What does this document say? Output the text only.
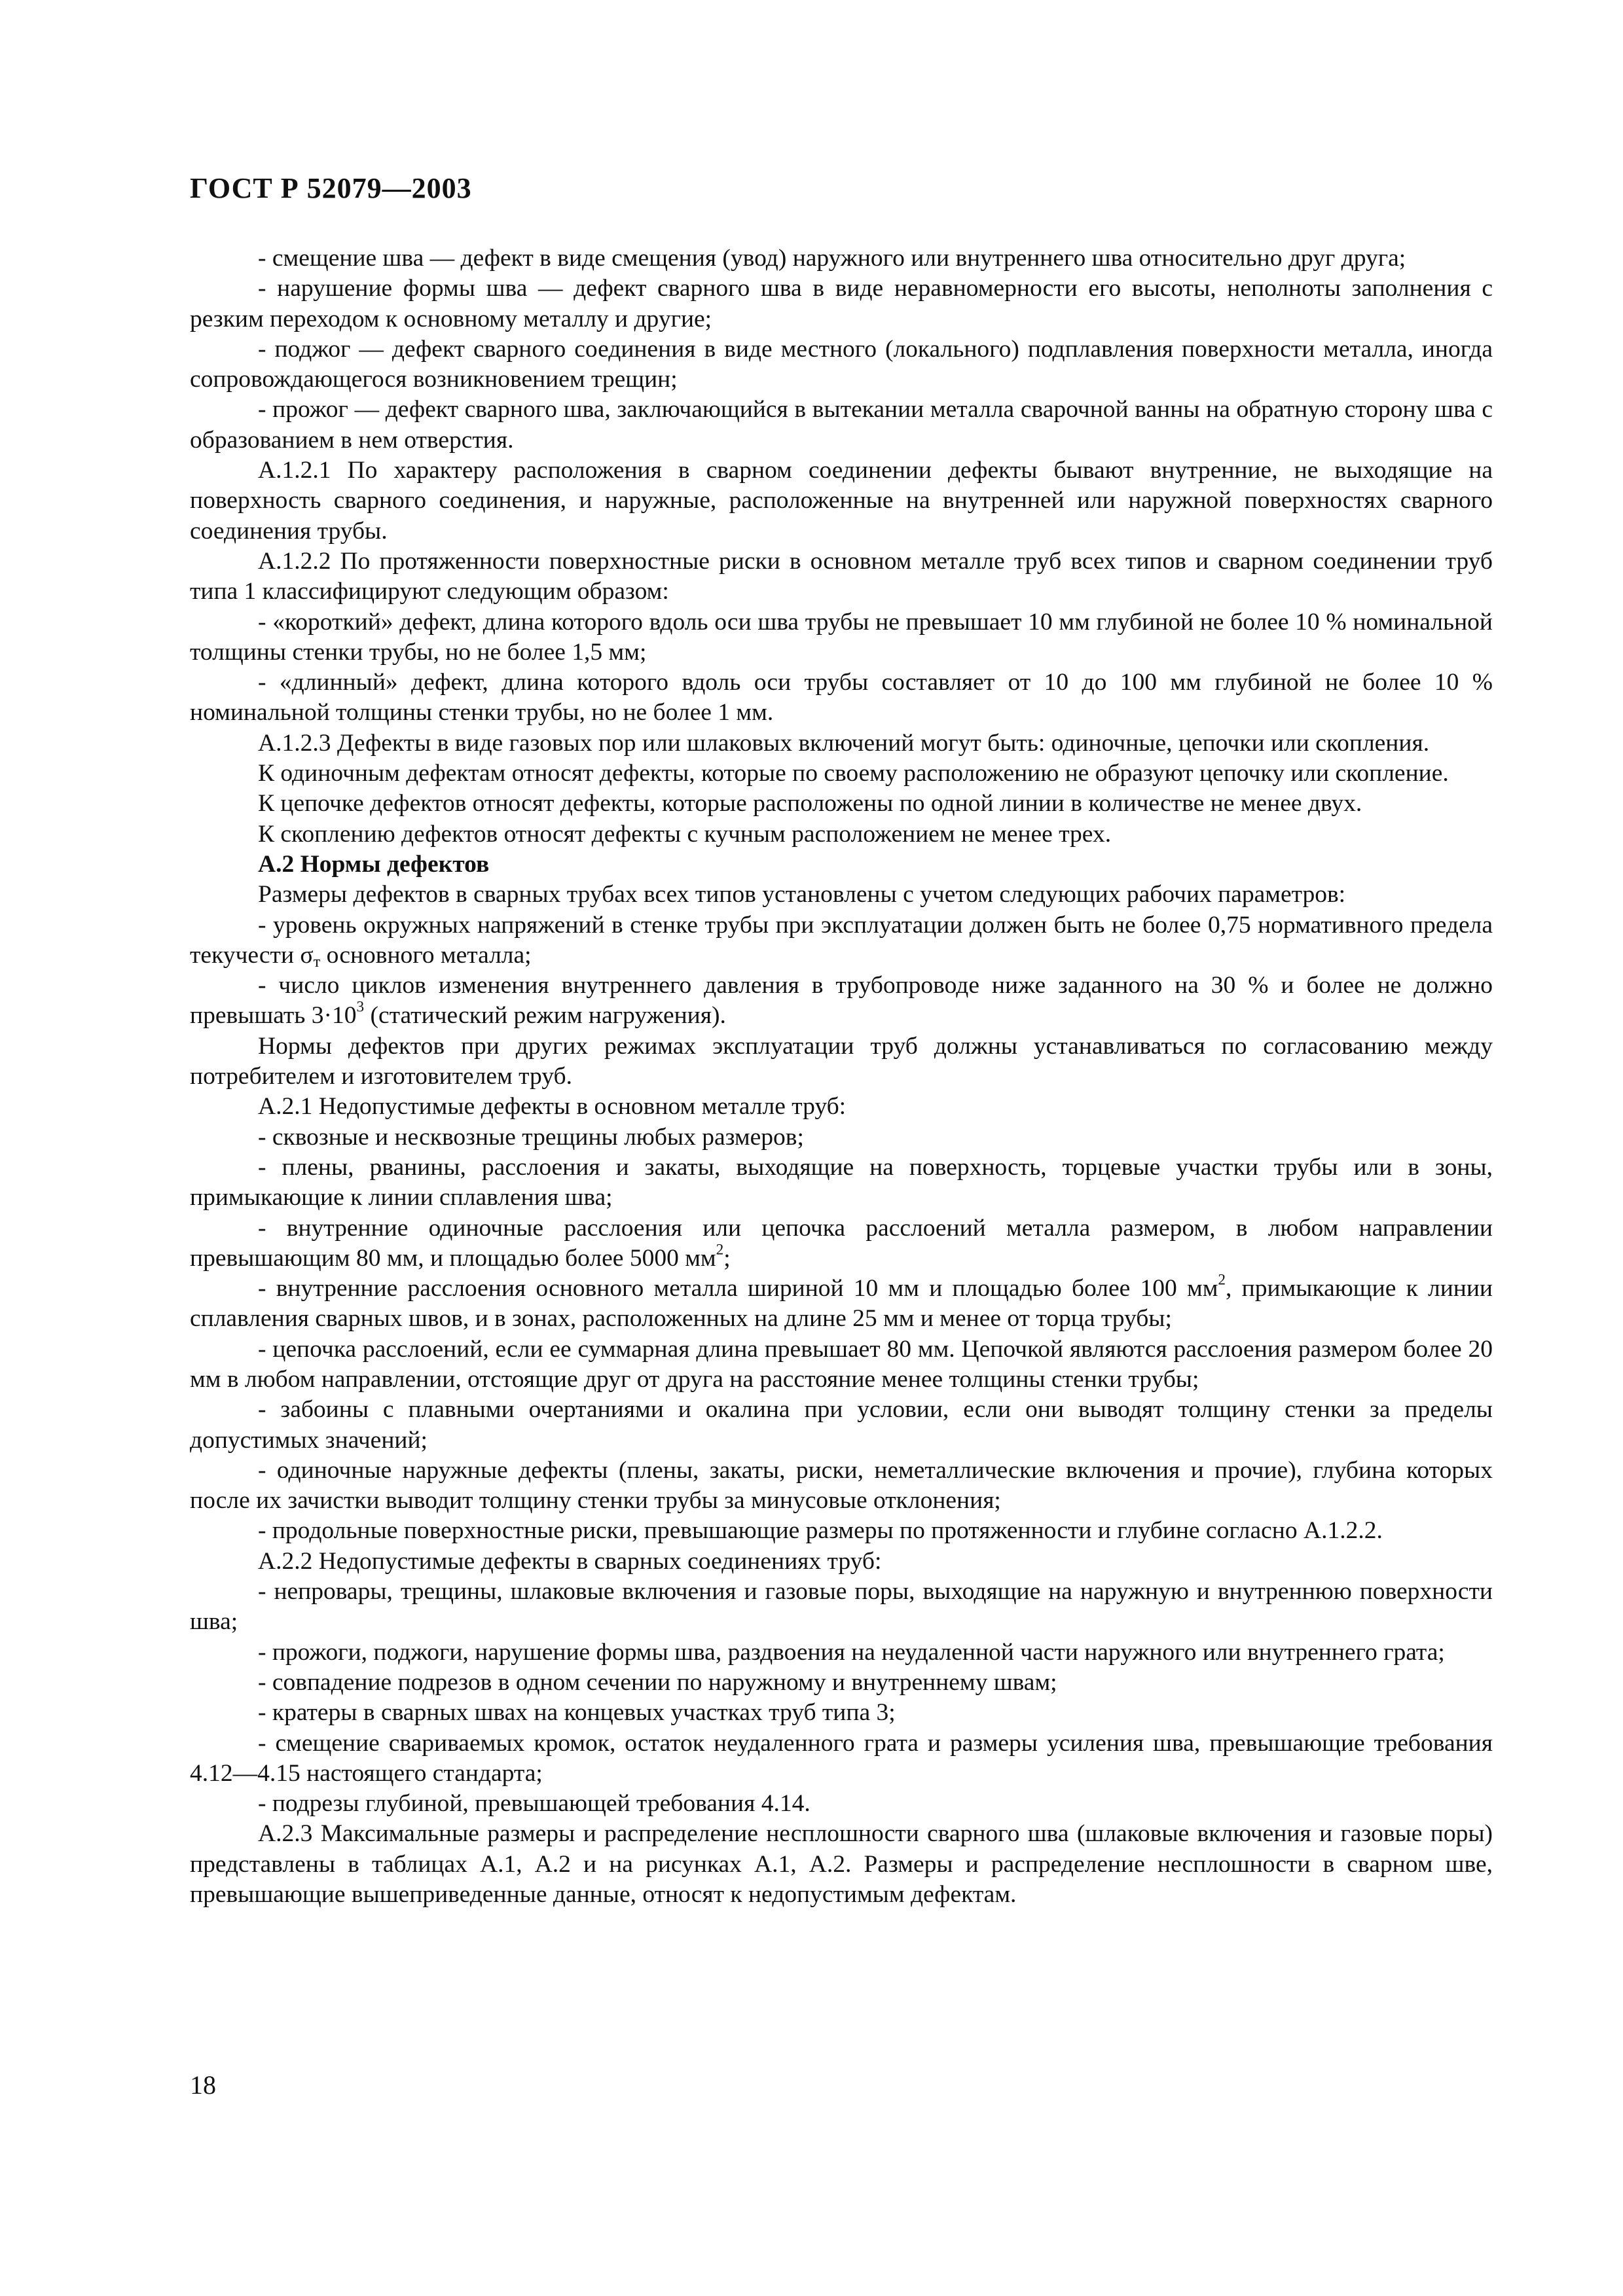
ГОСТ Р 52079—2003

- смещение шва — дефект в виде смещения (увод) наружного или внутреннего шва относительно друг друга;

- нарушение формы шва — дефект сварного шва в виде неравномерности его высоты, неполноты заполнения с резким переходом к основному металлу и другие;

- поджог — дефект сварного соединения в виде местного (локального) подплавления поверхности металла, иногда сопровождающегося возникновением трещин;

- прожог — дефект сварного шва, заключающийся в вытекании металла сварочной ванны на обратную сторону шва с образованием в нем отверстия.

А.1.2.1 По характеру расположения в сварном соединении дефекты бывают внутренние, не выходящие на поверхность сварного соединения, и наружные, расположенные на внутренней или наружной поверхностях сварного соединения трубы.

А.1.2.2 По протяженности поверхностные риски в основном металле труб всех типов и сварном соединении труб типа 1 классифицируют следующим образом:

- «короткий» дефект, длина которого вдоль оси шва трубы не превышает 10 мм глубиной не более 10 % номинальной толщины стенки трубы, но не более 1,5 мм;

- «длинный» дефект, длина которого вдоль оси трубы составляет от 10 до 100 мм глубиной не более 10 % номинальной толщины стенки трубы, но не более 1 мм.

А.1.2.3 Дефекты в виде газовых пор или шлаковых включений могут быть: одиночные, цепочки или скопления.

К одиночным дефектам относят дефекты, которые по своему расположению не образуют цепочку или скопление.

К цепочке дефектов относят дефекты, которые расположены по одной линии в количестве не менее двух.

К скоплению дефектов относят дефекты с кучным расположением не менее трех.

А.2 Нормы дефектов

Размеры дефектов в сварных трубах всех типов установлены с учетом следующих рабочих параметров:

- уровень окружных напряжений в стенке трубы при эксплуатации должен быть не более 0,75 нормативного предела текучести $\sigma_т$ основного металла;

- число циклов изменения внутреннего давления в трубопроводе ниже заданного на 30 % и более не должно превышать $3\cdot 10^3$ (статический режим нагружения).

Нормы дефектов при других режимах эксплуатации труб должны устанавливаться по согласованию между потребителем и изготовителем труб.

А.2.1 Недопустимые дефекты в основном металле труб:

- сквозные и несквозные трещины любых размеров;

- плены, рванины, расслоения и закаты, выходящие на поверхность, торцевые участки трубы или в зоны, примыкающие к линии сплавления шва;

- внутренние одиночные расслоения или цепочка расслоений металла размером, в любом направлении превышающим 80 мм, и площадью более 5000 $мм^2$;

- внутренние расслоения основного металла шириной 10 мм и площадью более 100 $мм^2$, примыкающие к линии сплавления сварных швов, и в зонах, расположенных на длине 25 мм и менее от торца трубы;

- цепочка расслоений, если ее суммарная длина превышает 80 мм. Цепочкой являются расслоения размером более 20 мм в любом направлении, отстоящие друг от друга на расстояние менее толщины стенки трубы;

- забоины с плавными очертаниями и окалина при условии, если они выводят толщину стенки за пределы допустимых значений;

- одиночные наружные дефекты (плены, закаты, риски, неметаллические включения и прочие), глубина которых после их зачистки выводит толщину стенки трубы за минусовые отклонения;

- продольные поверхностные риски, превышающие размеры по протяженности и глубине согласно А.1.2.2.

А.2.2 Недопустимые дефекты в сварных соединениях труб:

- непровары, трещины, шлаковые включения и газовые поры, выходящие на наружную и внутреннюю поверхности шва;

- прожоги, поджоги, нарушение формы шва, раздвоения на неудаленной части наружного или внутреннего грата;

- совпадение подрезов в одном сечении по наружному и внутреннему швам;

- кратеры в сварных швах на концевых участках труб типа 3;

- смещение свариваемых кромок, остаток неудаленного грата и размеры усиления шва, превышающие требования 4.12—4.15 настоящего стандарта;

- подрезы глубиной, превышающей требования 4.14.

А.2.3 Максимальные размеры и распределение несплошности сварного шва (шлаковые включения и газовые поры) представлены в таблицах А.1, А.2 и на рисунках А.1, А.2. Размеры и распределение несплошности в сварном шве, превышающие вышеприведенные данные, относят к недопустимым дефектам.

18
